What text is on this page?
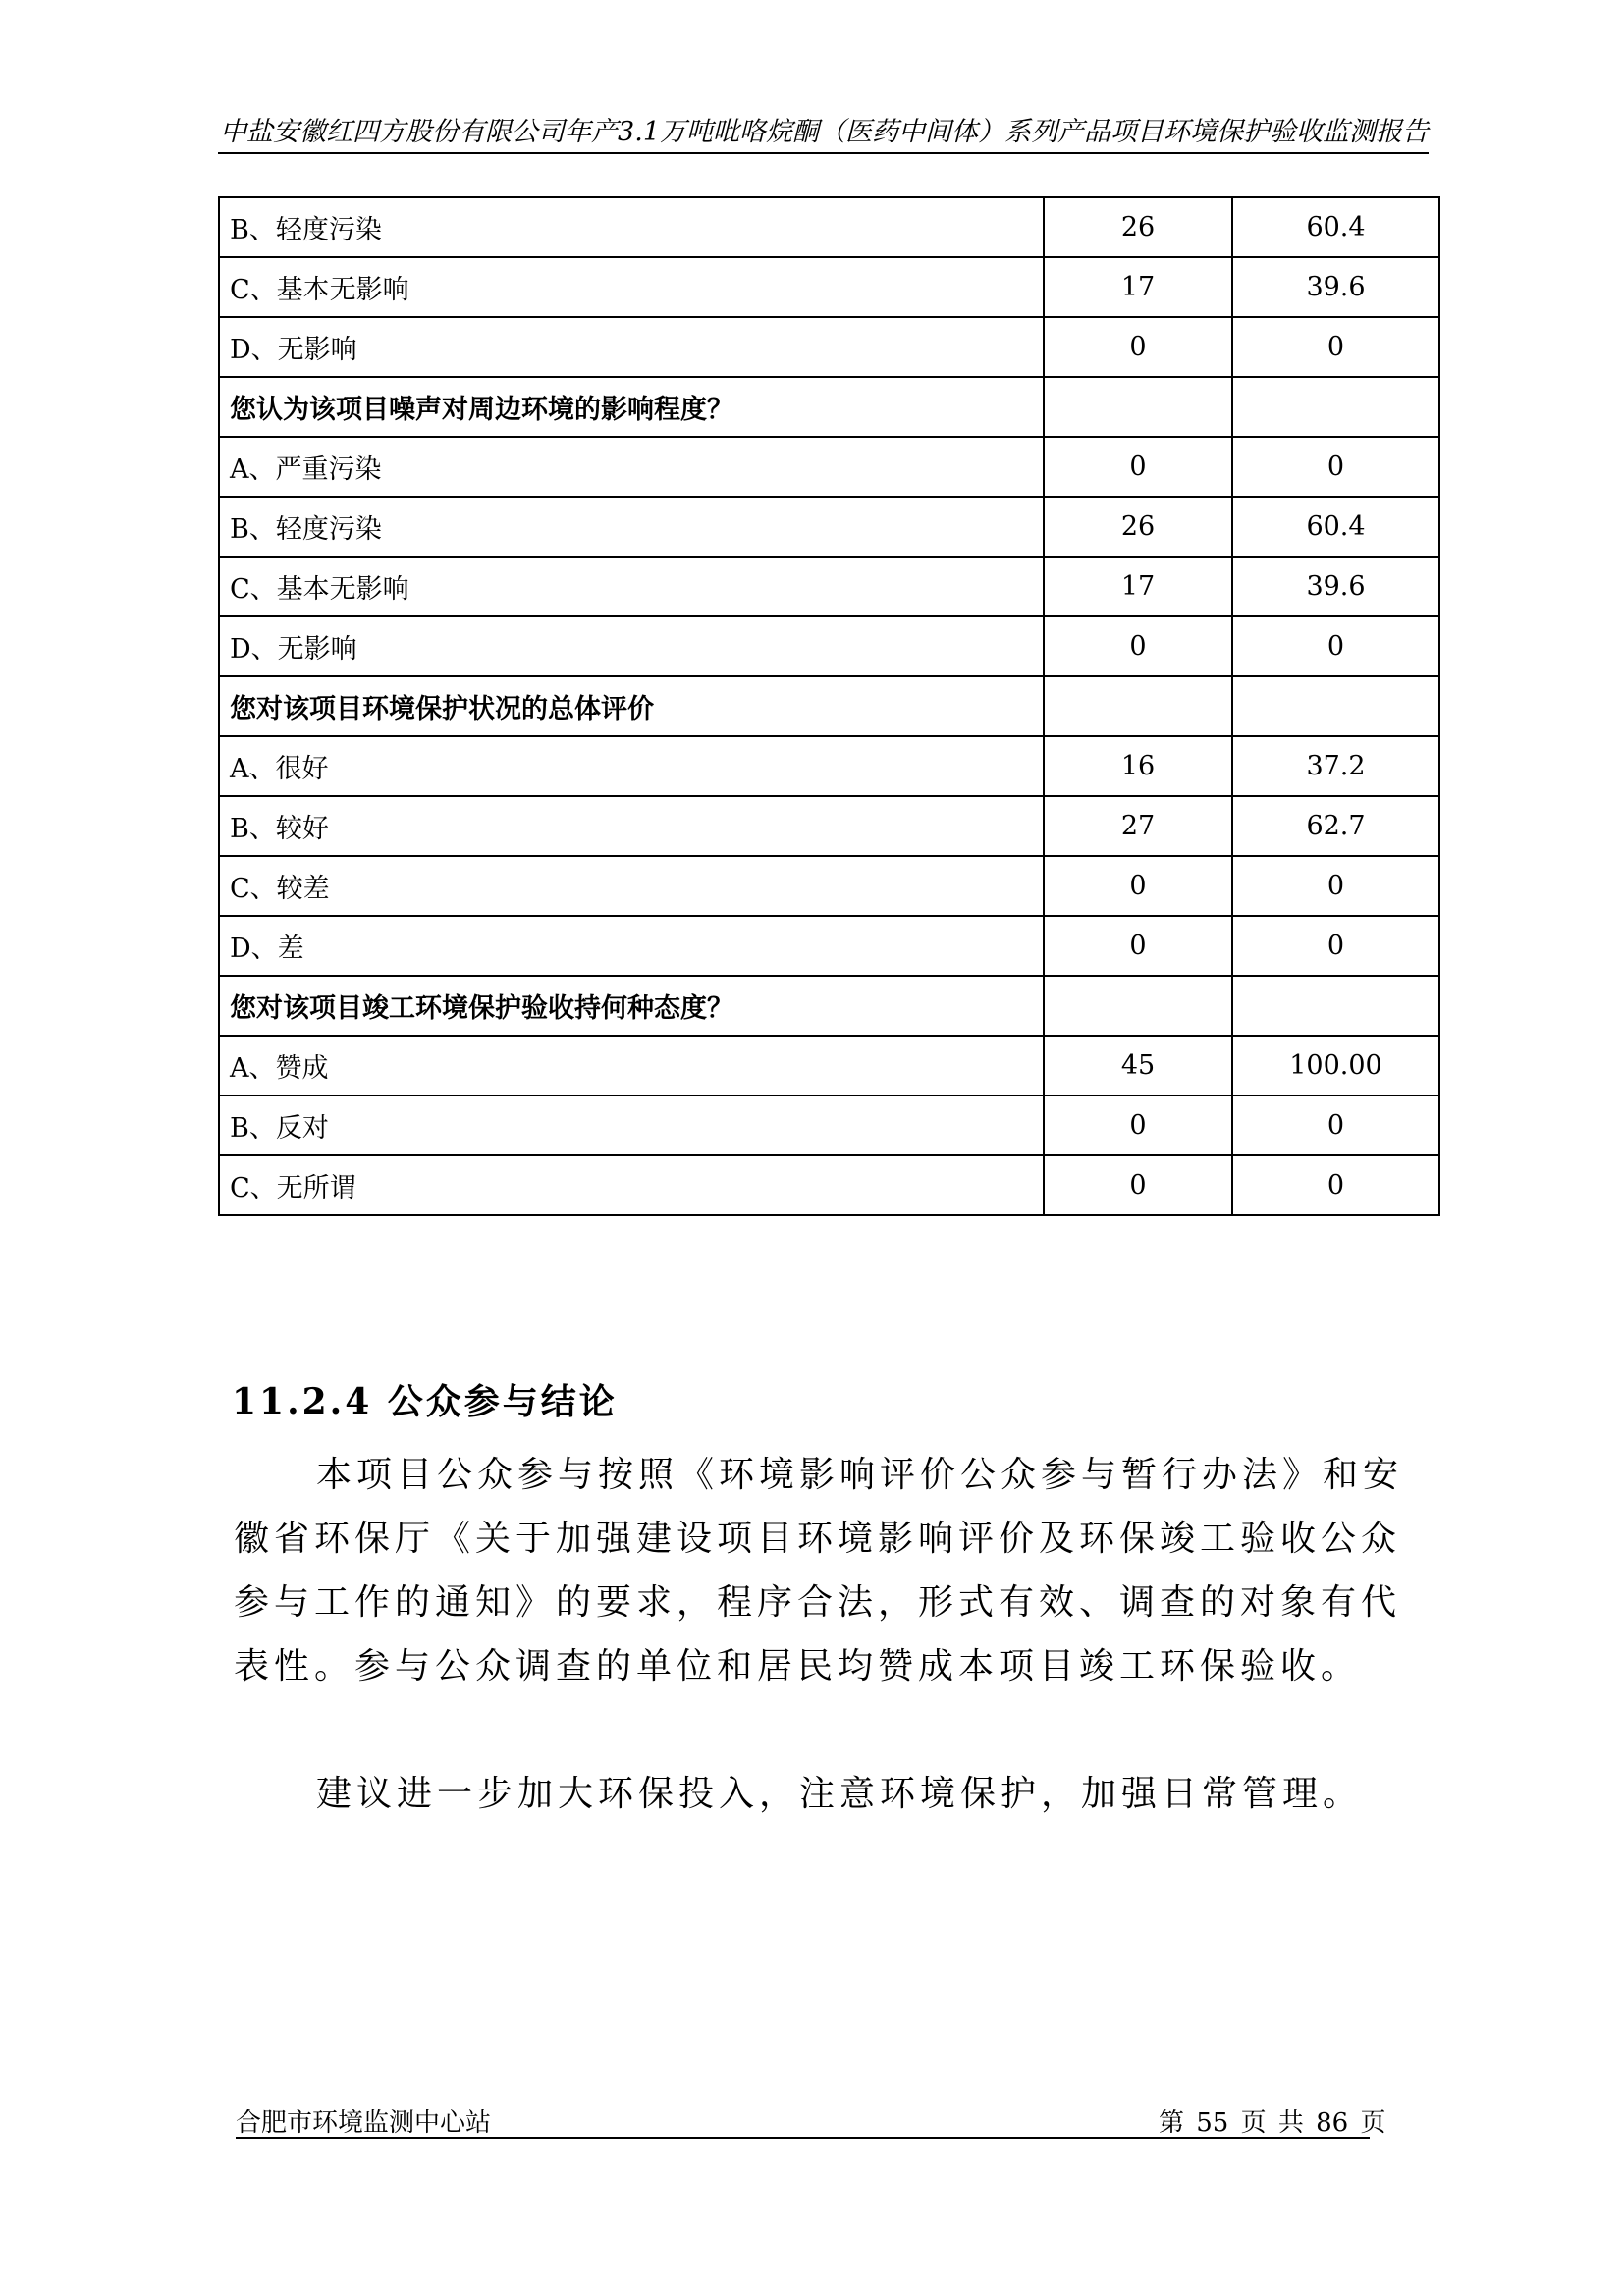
中盐安徽红四方股份有限公司年产3.1万吨吡咯烷酮（医药中间体）系列产品项目环境保护验收监测报告
B、轻度污染	26	60.4
C、基本无影响	17	39.6
D、无影响	0	0
您认为该项目噪声对周边环境的影响程度？		
A、严重污染	0	0
B、轻度污染	26	60.4
C、基本无影响	17	39.6
D、无影响	0	0
您对该项目环境保护状况的总体评价		
A、很好	16	37.2
B、较好	27	62.7
C、较差	0	0
D、差	0	0
您对该项目竣工环境保护验收持何种态度？		
A、赞成	45	100.00
B、反对	0	0
C、无所谓	0	0
11.2.4 公众参与结论

本项目公众参与按照《环境影响评价公众参与暂行办法》和安徽省环保厅《关于加强建设项目环境影响评价及环保竣工验收公众参与工作的通知》的要求，程序合法，形式有效、调查的对象有代表性。参与公众调查的单位和居民均赞成本项目竣工环保验收。

建议进一步加大环保投入，注意环境保护，加强日常管理。

合肥市环境监测中心站	第 55 页 共 86 页
